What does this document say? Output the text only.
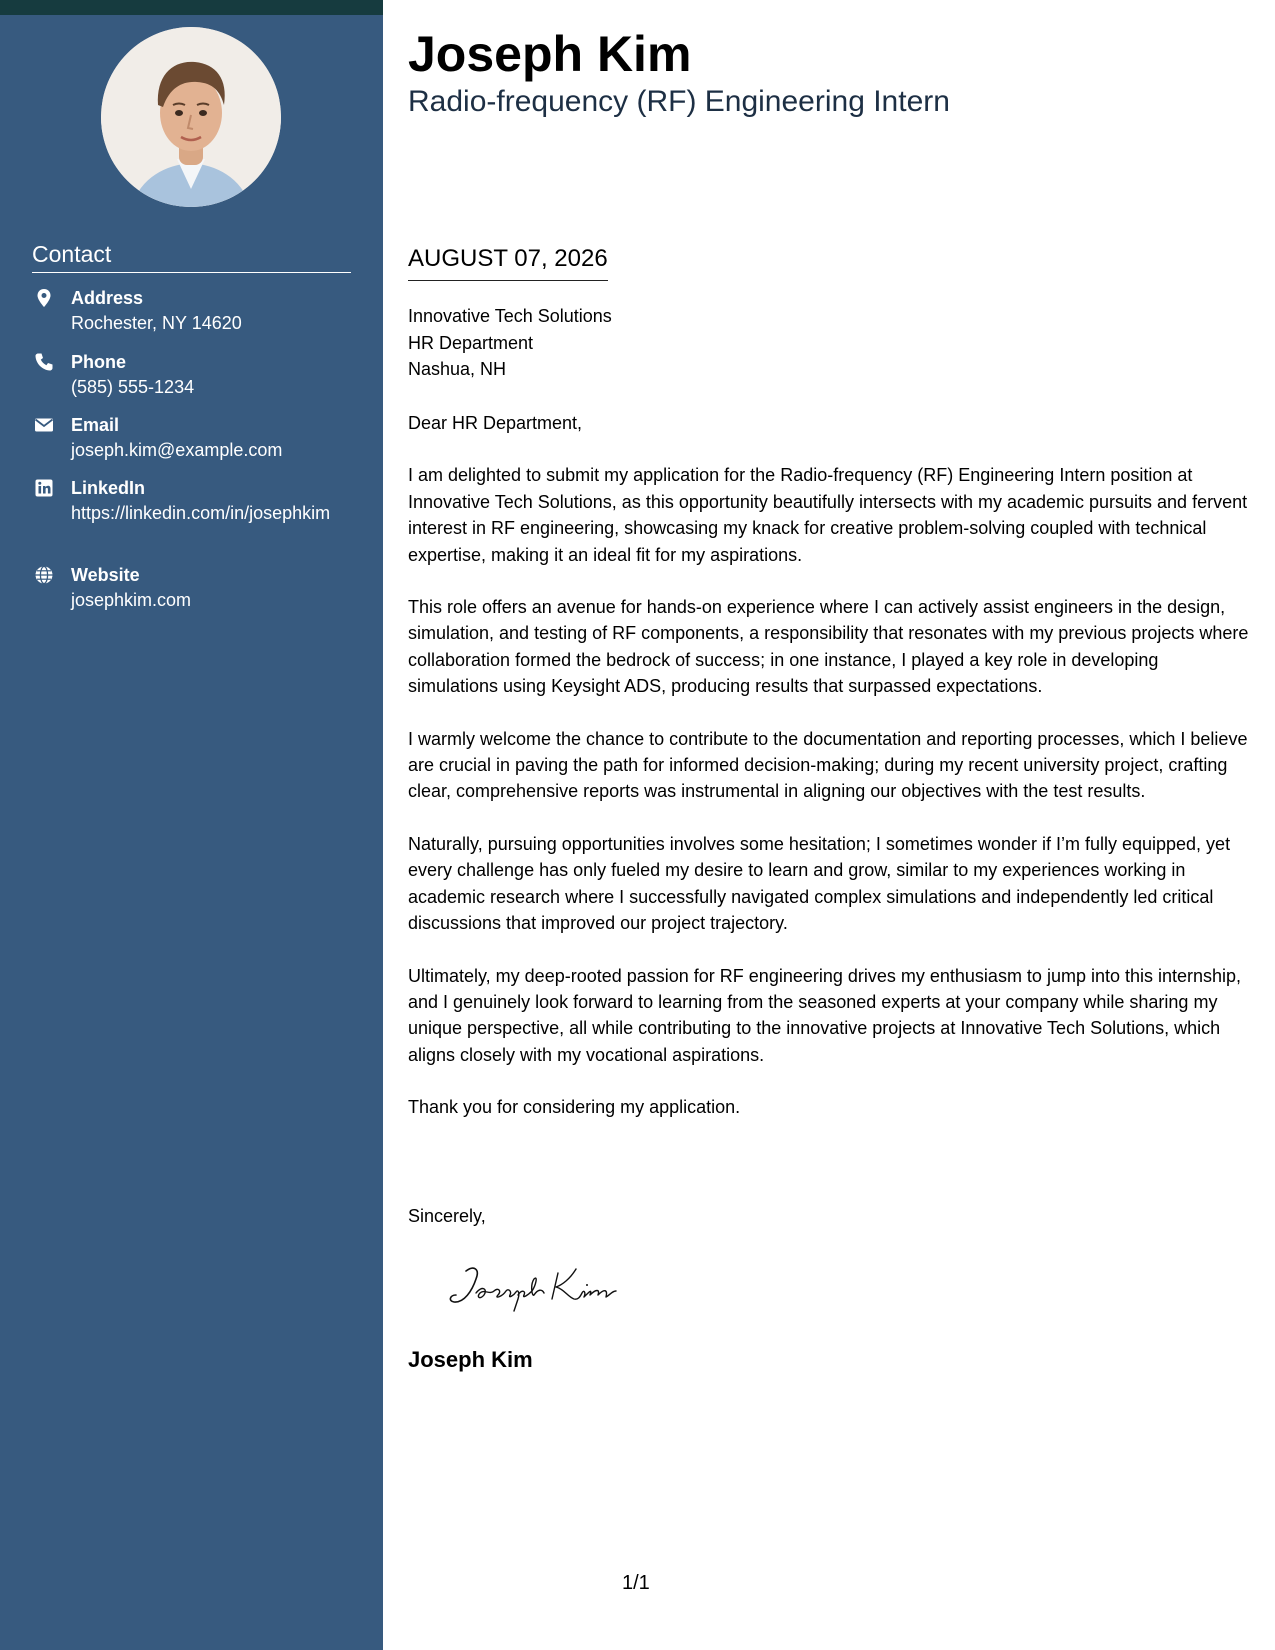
Contact
Address
Rochester, NY 14620
Phone
(585) 555-1234
Email
joseph.kim@example.com
LinkedIn
https://linkedin.com/in/josephkim
Website
josephkim.com
Joseph Kim
Radio-frequency (RF) Engineering Intern
AUGUST 07, 2026
Innovative Tech Solutions
HR Department
Nashua, NH

Dear HR Department,

I am delighted to submit my application for the Radio-frequency (RF) Engineering Intern position at Innovative Tech Solutions, as this opportunity beautifully intersects with my academic pursuits and fervent interest in RF engineering, showcasing my knack for creative problem-solving coupled with technical expertise, making it an ideal fit for my aspirations.

This role offers an avenue for hands-on experience where I can actively assist engineers in the design, simulation, and testing of RF components, a responsibility that resonates with my previous projects where collaboration formed the bedrock of success; in one instance, I played a key role in developing simulations using Keysight ADS, producing results that surpassed expectations.

I warmly welcome the chance to contribute to the documentation and reporting processes, which I believe are crucial in paving the path for informed decision-making; during my recent university project, crafting clear, comprehensive reports was instrumental in aligning our objectives with the test results.

Naturally, pursuing opportunities involves some hesitation; I sometimes wonder if I’m fully equipped, yet every challenge has only fueled my desire to learn and grow, similar to my experiences working in academic research where I successfully navigated complex simulations and independently led critical discussions that improved our project trajectory.

Ultimately, my deep-rooted passion for RF engineering drives my enthusiasm to jump into this internship, and I genuinely look forward to learning from the seasoned experts at your company while sharing my unique perspective, all while contributing to the innovative projects at Innovative Tech Solutions, which aligns closely with my vocational aspirations.

Thank you for considering my application.

Sincerely,
Joseph Kim
1/1
